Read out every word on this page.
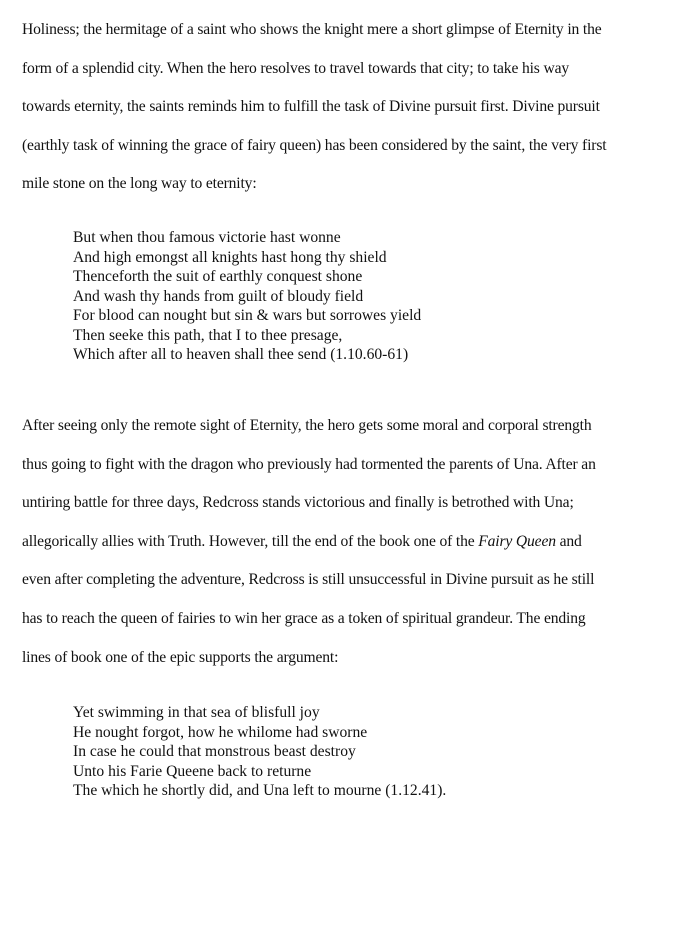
Holiness; the hermitage of a saint who shows the knight mere a short glimpse of Eternity in the
form of a splendid city. When the hero resolves to travel towards that city; to take his way
towards eternity, the saints reminds him to fulfill the task of Divine pursuit first. Divine pursuit
(earthly task of winning the grace of fairy queen) has been considered by the saint, the very first
mile stone on the long way to eternity:
But when thou famous victorie hast wonne
And high emongst all knights hast hong thy shield
Thenceforth the suit of earthly conquest shone
And wash thy hands from guilt of bloudy field
For blood can nought but sin & wars but sorrowes yield
Then seeke this path, that I to thee presage,
Which after all to heaven shall thee send (1.10.60-61)
After seeing only the remote sight of Eternity, the hero gets some moral and corporal strength
thus going to fight with the dragon who previously had tormented the parents of Una. After an
untiring battle for three days, Redcross stands victorious and finally is betrothed with Una;
allegorically allies with Truth. However, till the end of the book one of the Fairy Queen and
even after completing the adventure, Redcross is still unsuccessful in Divine pursuit as he still
has to reach the queen of fairies to win her grace as a token of spiritual grandeur. The ending
lines of book one of the epic supports the argument:
Yet swimming in that sea of blisfull joy
He nought forgot, how he whilome had sworne
In case he could that monstrous beast destroy
Unto his Farie Queene back to returne
The which he shortly did, and Una left to mourne (1.12.41).
